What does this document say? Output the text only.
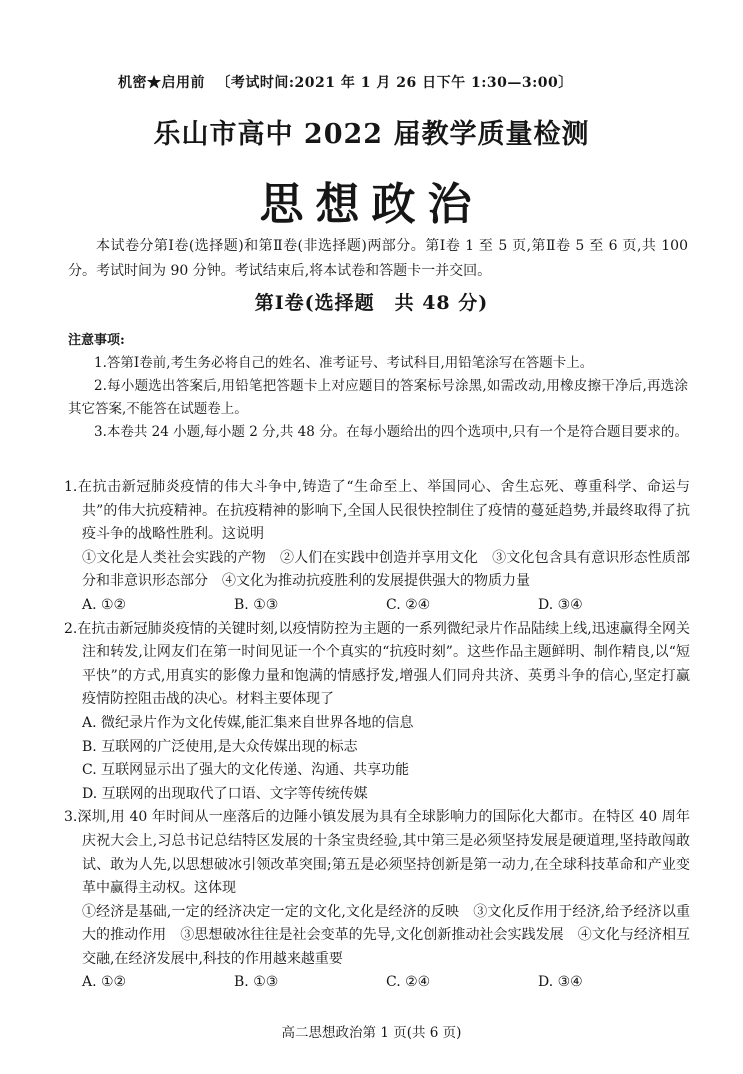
机密★启用前 〔考试时间:2021 年 1 月 26 日下午 1:30—3:00〕
乐山市高中 2022 届教学质量检测
思想政治
本试卷分第Ⅰ卷(选择题)和第Ⅱ卷(非选择题)两部分。第Ⅰ卷 1 至 5 页,第Ⅱ卷 5 至 6 页,共 100 分。考试时间为 90 分钟。考试结束后,将本试卷和答题卡一并交回。
第Ⅰ卷(选择题　共 48 分)
注意事项:

1.答第Ⅰ卷前,考生务必将自己的姓名、准考证号、考试科目,用铅笔涂写在答题卡上。

2.每小题选出答案后,用铅笔把答题卡上对应题目的答案标号涂黑,如需改动,用橡皮擦干净后,再选涂其它答案,不能答在试题卷上。

3.本卷共 24 小题,每小题 2 分,共 48 分。在每小题给出的四个选项中,只有一个是符合题目要求的。

1.在抗击新冠肺炎疫情的伟大斗争中,铸造了“生命至上、举国同心、舍生忘死、尊重科学、命运与共”的伟大抗疫精神。在抗疫精神的影响下,全国人民很快控制住了疫情的蔓延趋势,并最终取得了抗疫斗争的战略性胜利。这说明
①文化是人类社会实践的产物　②人们在实践中创造并享用文化　③文化包含具有意识形态性质部分和非意识形态部分　④文化为推动抗疫胜利的发展提供强大的物质力量
A. ①②	B. ①③	C. ②④	D. ③④
2.在抗击新冠肺炎疫情的关键时刻,以疫情防控为主题的一系列微纪录片作品陆续上线,迅速赢得全网关注和转发,让网友们在第一时间见证一个个真实的“抗疫时刻”。这些作品主题鲜明、制作精良,以“短平快”的方式,用真实的影像力量和饱满的情感抒发,增强人们同舟共济、英勇斗争的信心,坚定打赢疫情防控阻击战的决心。材料主要体现了
A. 微纪录片作为文化传媒,能汇集来自世界各地的信息
B. 互联网的广泛使用,是大众传媒出现的标志
C. 互联网显示出了强大的文化传递、沟通、共享功能
D. 互联网的出现取代了口语、文字等传统传媒
3.深圳,用 40 年时间从一座落后的边陲小镇发展为具有全球影响力的国际化大都市。在特区 40 周年庆祝大会上,习总书记总结特区发展的十条宝贵经验,其中第三是必须坚持发展是硬道理,坚持敢闯敢试、敢为人先,以思想破冰引领改革突围;第五是必须坚持创新是第一动力,在全球科技革命和产业变革中赢得主动权。这体现
①经济是基础,一定的经济决定一定的文化,文化是经济的反映　③文化反作用于经济,给予经济以重大的推动作用　③思想破冰往往是社会变革的先导,文化创新推动社会实践发展　④文化与经济相互交融,在经济发展中,科技的作用越来越重要
A. ①②	B. ①③	C. ②④	D. ③④
高二思想政治第 1 页(共 6 页)
